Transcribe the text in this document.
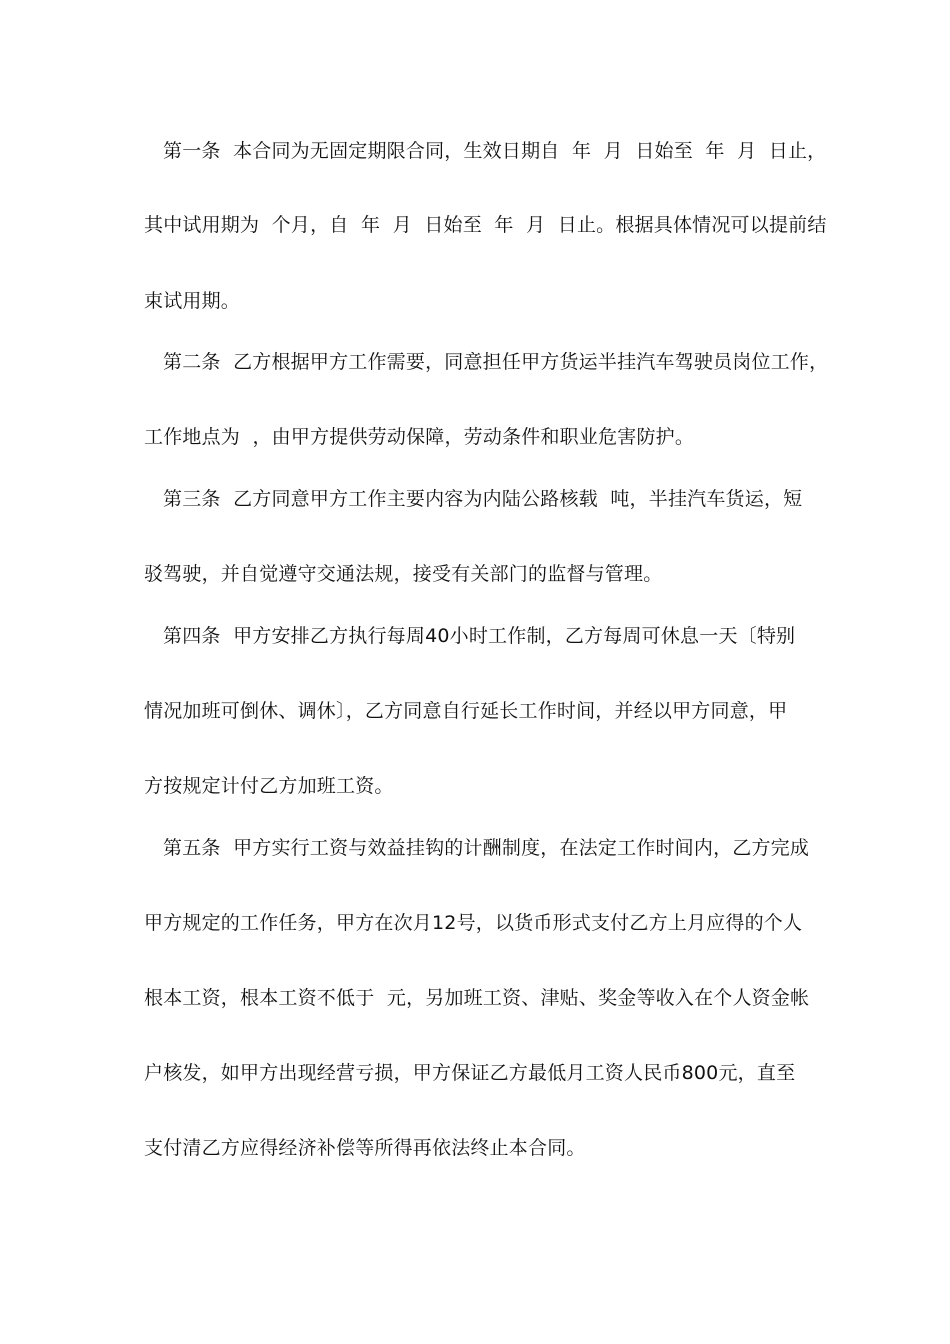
第一条  本合同为无固定期限合同，生效日期自  年  月  日始至  年  月  日止，
其中试用期为  个月，自  年  月  日始至  年  月  日止。根据具体情况可以提前结
束试用期。
第二条  乙方根据甲方工作需要，同意担任甲方货运半挂汽车驾驶员岗位工作，
工作地点为  ，由甲方提供劳动保障，劳动条件和职业危害防护。
第三条  乙方同意甲方工作主要内容为内陆公路核载  吨，半挂汽车货运，短
驳驾驶，并自觉遵守交通法规，接受有关部门的监督与管理。
第四条  甲方安排乙方执行每周40小时工作制，乙方每周可休息一天〔特别
情况加班可倒休、调休〕，乙方同意自行延长工作时间，并经以甲方同意，甲
方按规定计付乙方加班工资。
第五条  甲方实行工资与效益挂钩的计酬制度，在法定工作时间内，乙方完成
甲方规定的工作任务，甲方在次月12号，以货币形式支付乙方上月应得的个人
根本工资，根本工资不低于  元，另加班工资、津贴、奖金等收入在个人资金帐
户核发，如甲方出现经营亏损，甲方保证乙方最低月工资人民币800元，直至
支付清乙方应得经济补偿等所得再依法终止本合同。
